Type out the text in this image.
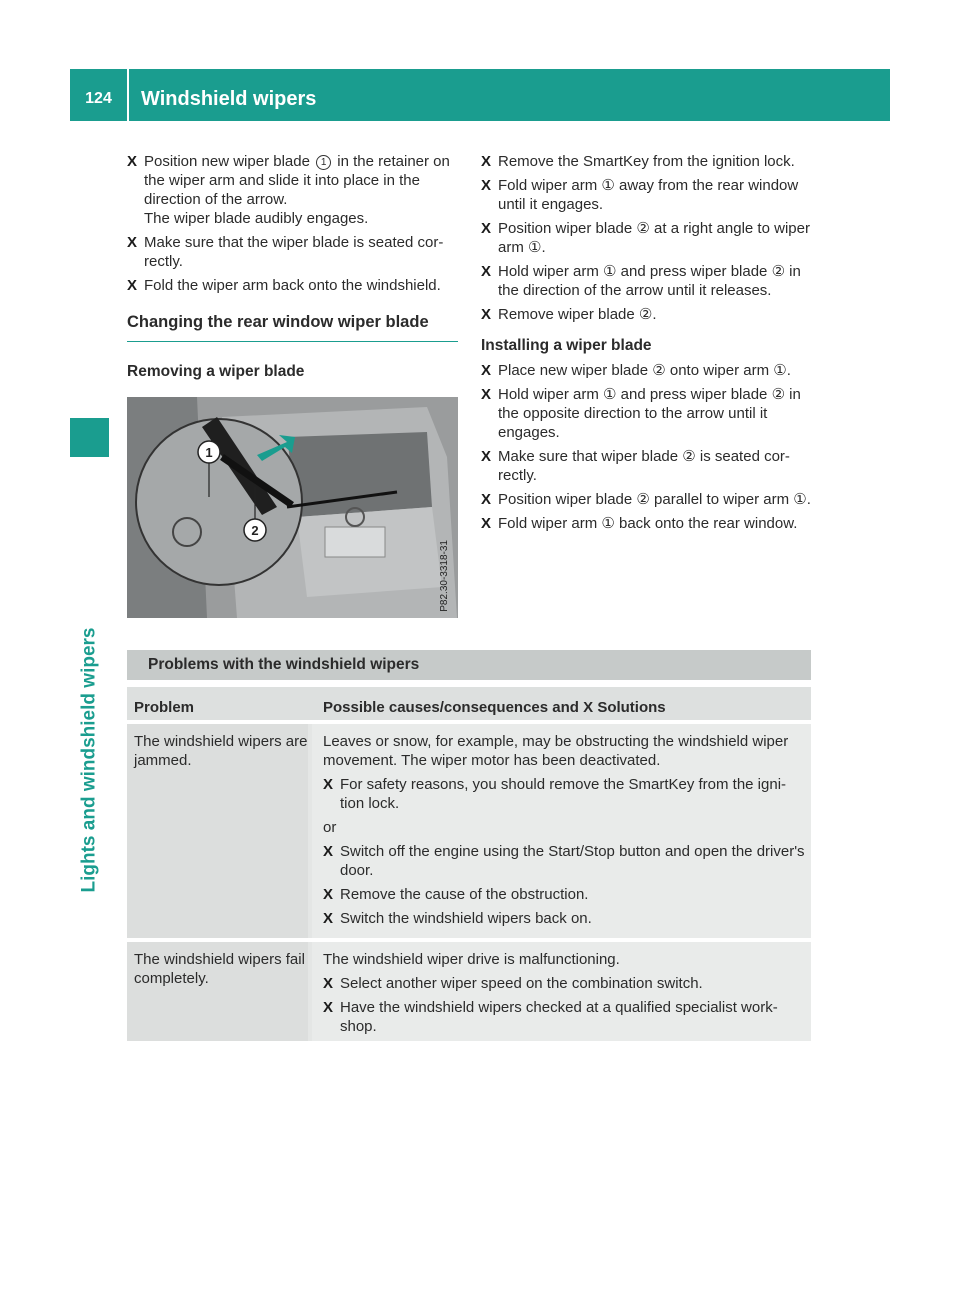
124	Windshield wipers
Lights and windshield wipers
X Position new wiper blade 1 in the retainer on the wiper arm and slide it into place in the direction of the arrow.
The wiper blade audibly engages.
X Make sure that the wiper blade is seated cor-rectly.
X Fold the wiper arm back onto the windshield.
Changing the rear window wiper blade
Removing a wiper blade
1
2
P82.30-3318-31
X Remove the SmartKey from the ignition lock.
X Fold wiper arm ① away from the rear window until it engages.
X Position wiper blade ② at a right angle to wiper arm ①.
X Hold wiper arm ① and press wiper blade ② in the direction of the arrow until it releases.
X Remove wiper blade ②.
Installing a wiper blade
X Place new wiper blade ② onto wiper arm ①.
X Hold wiper arm ① and press wiper blade ② in the opposite direction to the arrow until it engages.
X Make sure that wiper blade ② is seated cor-rectly.
X Position wiper blade ② parallel to wiper arm ①.
X Fold wiper arm ① back onto the rear window.
Problems with the windshield wipers
Problem	Possible causes/consequences and X Solutions
The windshield wipers are jammed.
Leaves or snow, for example, may be obstructing the windshield wiper movement. The wiper motor has been deactivated.
X For safety reasons, you should remove the SmartKey from the igni-tion lock.
or
X Switch off the engine using the Start/Stop button and open the driver's door.
X Remove the cause of the obstruction.
X Switch the windshield wipers back on.
The windshield wipers fail completely.
The windshield wiper drive is malfunctioning.
X Select another wiper speed on the combination switch.
X Have the windshield wipers checked at a qualified specialist work-shop.
